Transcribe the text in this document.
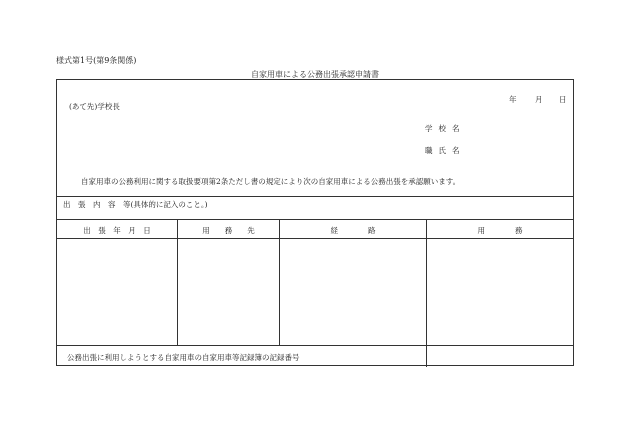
様式第1号(第9条関係)
自家用車による公務出張承認申請書
年 月 日
(あて先)学校長
学校名
職氏名
自家用車の公務利用に関する取扱要項第2条ただし書の規定により次の自家用車による公務出張を承認願います。
出　張　内　容　等(具体的に記入のこと。)
出　張　年　月　日	用　　務　　先	経　　　　路	用　　　　務
公務出張に利用しようとする自家用車の自家用車等記録簿の記録番号
